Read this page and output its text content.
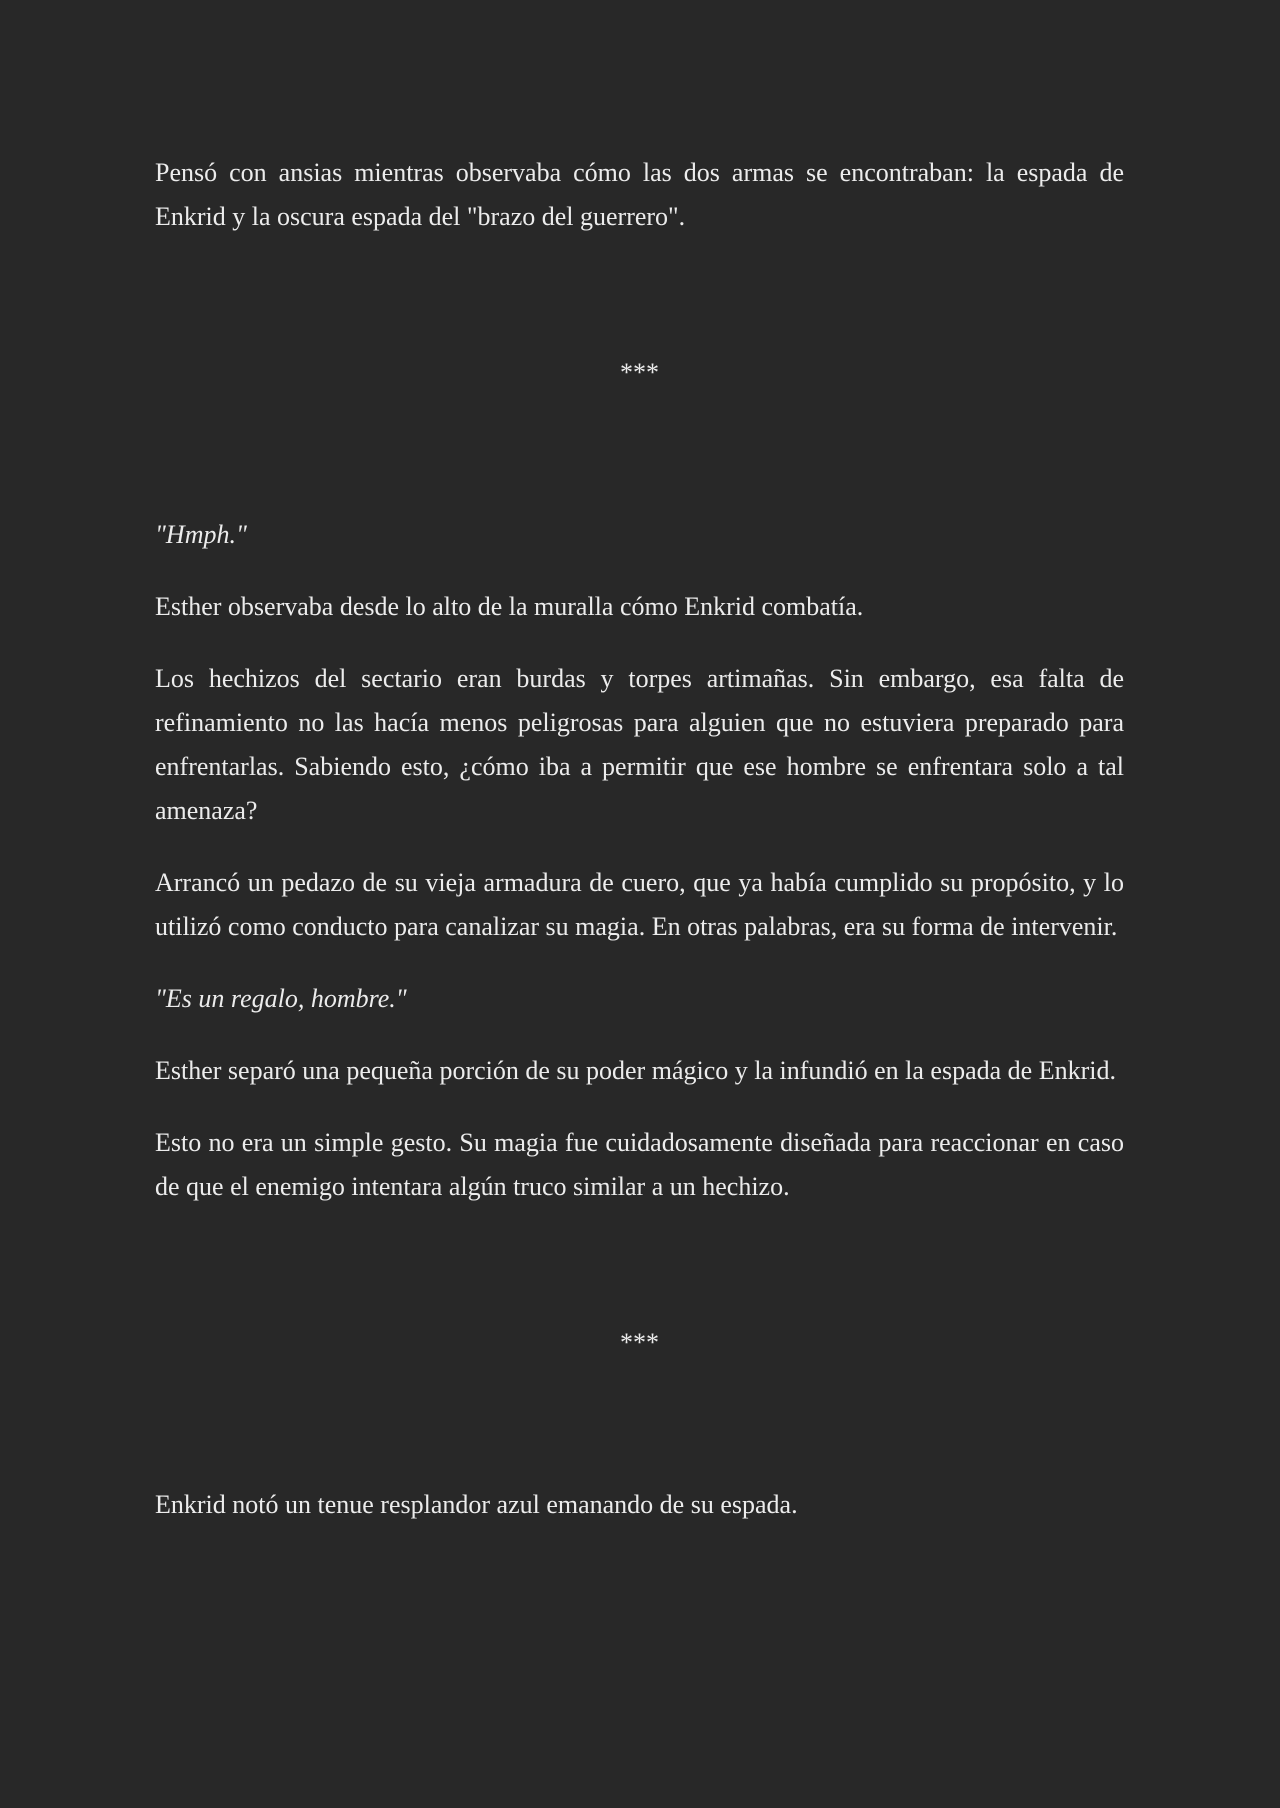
Pensó con ansias mientras observaba cómo las dos armas se encontraban: la espada de Enkrid y la oscura espada del "brazo del guerrero".

***

"Hmph."

Esther observaba desde lo alto de la muralla cómo Enkrid combatía.

Los hechizos del sectario eran burdas y torpes artimañas. Sin embargo, esa falta de refinamiento no las hacía menos peligrosas para alguien que no estuviera preparado para enfrentarlas. Sabiendo esto, ¿cómo iba a permitir que ese hombre se enfrentara solo a tal amenaza?

Arrancó un pedazo de su vieja armadura de cuero, que ya había cumplido su propósito, y lo utilizó como conducto para canalizar su magia. En otras palabras, era su forma de intervenir.

"Es un regalo, hombre."

Esther separó una pequeña porción de su poder mágico y la infundió en la espada de Enkrid.

Esto no era un simple gesto. Su magia fue cuidadosamente diseñada para reaccionar en caso de que el enemigo intentara algún truco similar a un hechizo.

***

Enkrid notó un tenue resplandor azul emanando de su espada.
